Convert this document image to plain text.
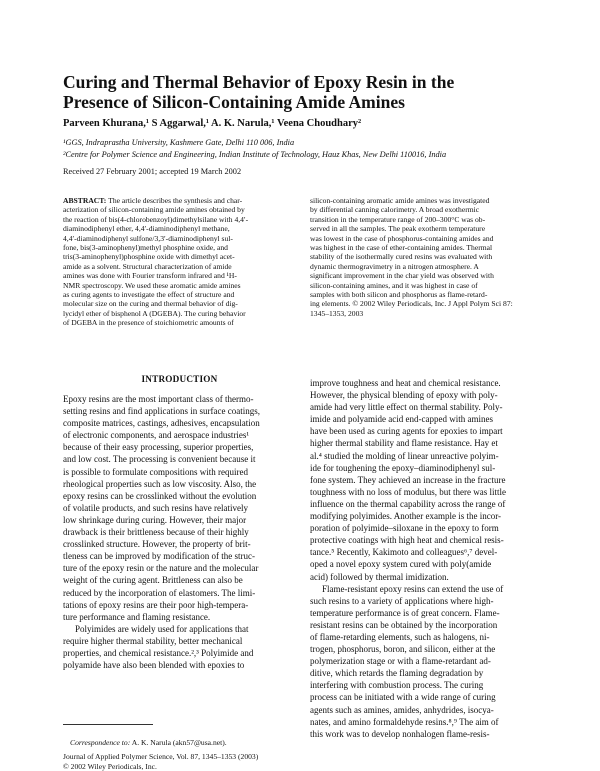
Curing and Thermal Behavior of Epoxy Resin in the
Presence of Silicon-Containing Amide Amines
Parveen Khurana,¹ S Aggarwal,¹ A. K. Narula,¹ Veena Choudhary²
¹GGS, Indraprastha University, Kashmere Gate, Delhi 110 006, India
²Centre for Polymer Science and Engineering, Indian Institute of Technology, Hauz Khas, New Delhi 110016, India
Received 27 February 2001; accepted 19 March 2002
ABSTRACT: The article describes the synthesis and char-
acterization of silicon-containing amide amines obtained by
the reaction of bis(4-chlorobenzoyl)dimethylsilane with 4,4′-
diaminodiphenyl ether, 4,4′-diaminodiphenyl methane,
4,4′-diaminodiphenyl sulfone/3,3′-diaminodiphenyl sul-
fone, bis(3-aminophenyl)methyl phosphine oxide, and
tris(3-aminophenyl)phosphine oxide with dimethyl acet-
amide as a solvent. Structural characterization of amide
amines was done with Fourier transform infrared and ¹H-
NMR spectroscopy. We used these aromatic amide amines
as curing agents to investigate the effect of structure and
molecular size on the curing and thermal behavior of dig-
lycidyl ether of bisphenol A (DGEBA). The curing behavior
of DGEBA in the presence of stoichiometric amounts of
silicon-containing aromatic amide amines was investigated
by differential canning calorimetry. A broad exothermic
transition in the temperature range of 200–300°C was ob-
served in all the samples. The peak exotherm temperature
was lowest in the case of phosphorus-containing amides and
was highest in the case of ether-containing amides. Thermal
stability of the isothermally cured resins was evaluated with
dynamic thermogravimetry in a nitrogen atmosphere. A
significant improvement in the char yield was observed with
silicon-containing amines, and it was highest in case of
samples with both silicon and phosphorus as flame-retard-
ing elements. © 2002 Wiley Periodicals, Inc. J Appl Polym Sci 87:
1345–1353, 2003
INTRODUCTION
Epoxy resins are the most important class of thermo-
setting resins and find applications in surface coatings,
composite matrices, castings, adhesives, encapsulation
of electronic components, and aerospace industries¹
because of their easy processing, superior properties,
and low cost. The processing is convenient because it
is possible to formulate compositions with required
rheological properties such as low viscosity. Also, the
epoxy resins can be crosslinked without the evolution
of volatile products, and such resins have relatively
low shrinkage during curing. However, their major
drawback is their brittleness because of their highly
crosslinked structure. However, the property of brit-
tleness can be improved by modification of the struc-
ture of the epoxy resin or the nature and the molecular
weight of the curing agent. Brittleness can also be
reduced by the incorporation of elastomers. The limi-
tations of epoxy resins are their poor high-tempera-
ture performance and flaming resistance.
Polyimides are widely used for applications that
require higher thermal stability, better mechanical
properties, and chemical resistance.²,³ Polyimide and
polyamide have also been blended with epoxies to
improve toughness and heat and chemical resistance.
However, the physical blending of epoxy with poly-
amide had very little effect on thermal stability. Poly-
imide and polyamide acid end-capped with amines
have been used as curing agents for epoxies to impart
higher thermal stability and flame resistance. Hay et
al.⁴ studied the molding of linear unreactive polyim-
ide for toughening the epoxy–diaminodiphenyl sul-
fone system. They achieved an increase in the fracture
toughness with no loss of modulus, but there was little
influence on the thermal capability across the range of
modifying polyimides. Another example is the incor-
poration of polyimide–siloxane in the epoxy to form
protective coatings with high heat and chemical resis-
tance.⁵ Recently, Kakimoto and colleagues⁶,⁷ devel-
oped a novel epoxy system cured with poly(amide
acid) followed by thermal imidization.
Flame-resistant epoxy resins can extend the use of
such resins to a variety of applications where high-
temperature performance is of great concern. Flame-
resistant resins can be obtained by the incorporation
of flame-retarding elements, such as halogens, ni-
trogen, phosphorus, boron, and silicon, either at the
polymerization stage or with a flame-retardant ad-
ditive, which retards the flaming degradation by
interfering with combustion process. The curing
process can be initiated with a wide range of curing
agents such as amines, amides, anhydrides, isocya-
nates, and amino formaldehyde resins.⁸,⁹ The aim of
this work was to develop nonhalogen flame-resis-
Correspondence to: A. K. Narula (akn57@usa.net).
Journal of Applied Polymer Science, Vol. 87, 1345–1353 (2003)
© 2002 Wiley Periodicals, Inc.
